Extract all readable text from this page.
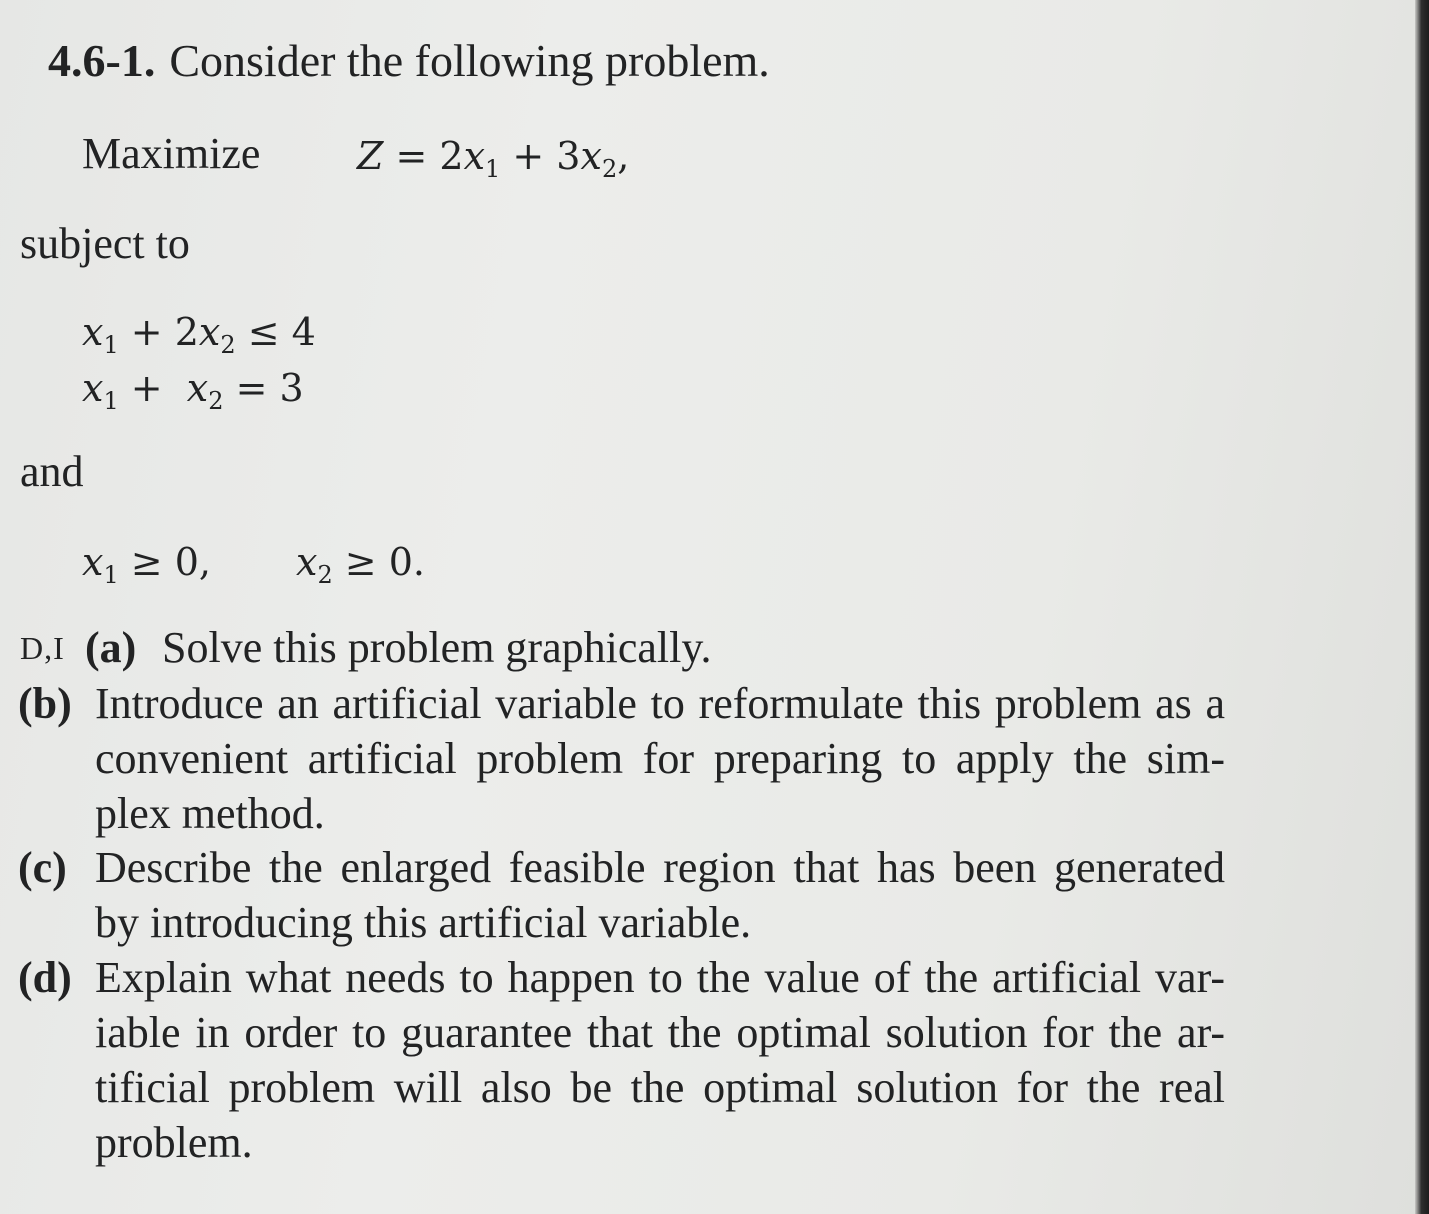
4.6-1. Consider the following problem.
Maximize	$Z = 2x_1 + 3x_2$,
subject to
$x_1 + 2x_2 \le 4$
$x_1 + x_2 = 3$
and
$x_1 \ge 0$, $x_2 \ge 0$.
D,I (a) Solve this problem graphically.
(b) Introduce an artificial variable to reformulate this problem as a convenient artificial problem for preparing to apply the sim-plex method.
(c) Describe the enlarged feasible region that has been generated by introducing this artificial variable.
(d) Explain what needs to happen to the value of the artificial var-iable in order to guarantee that the optimal solution for the ar-tificial problem will also be the optimal solution for the real problem.
